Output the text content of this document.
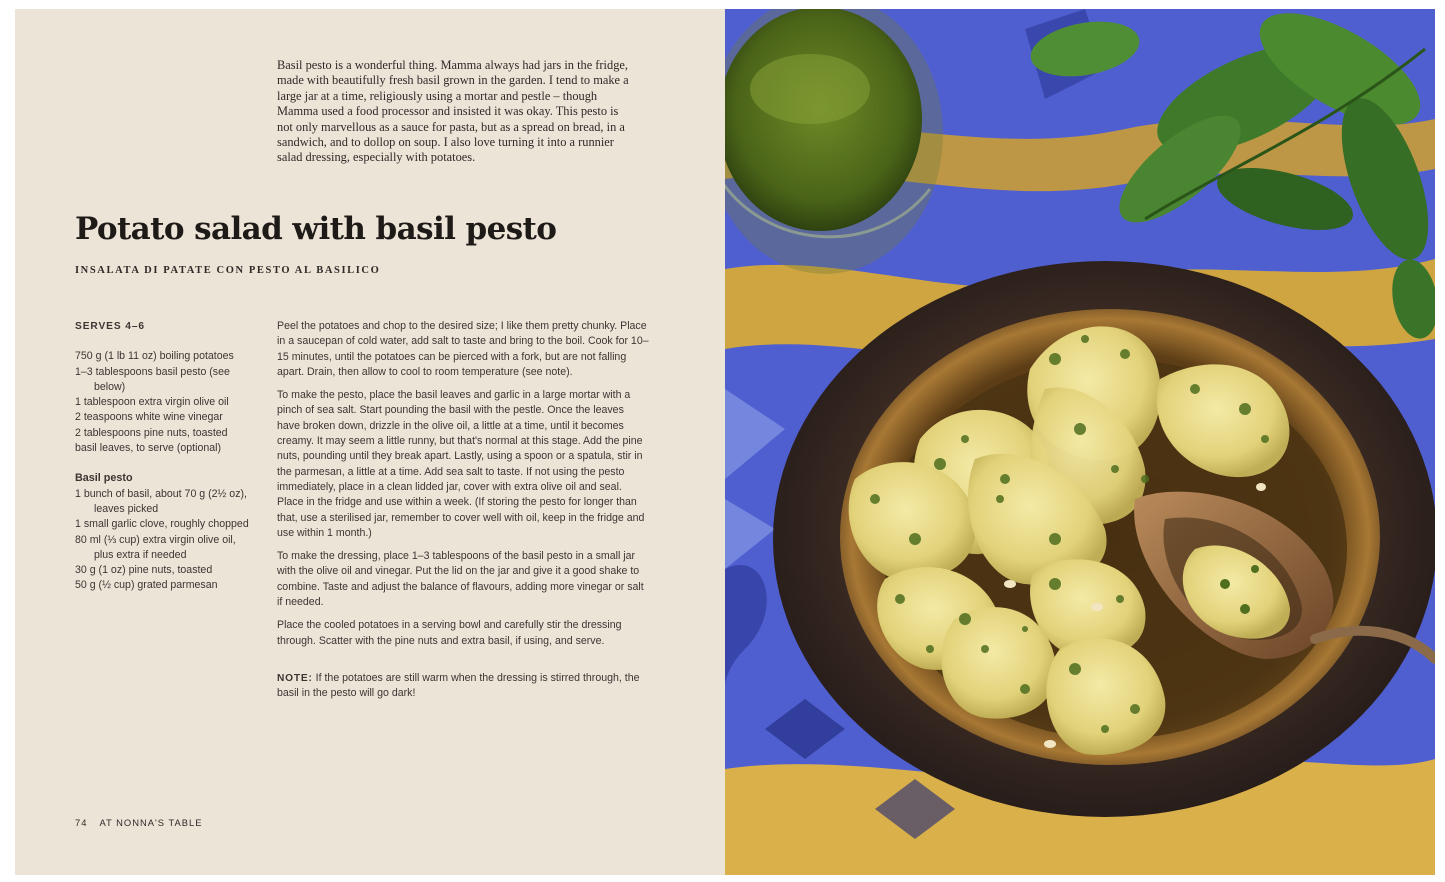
Basil pesto is a wonderful thing. Mamma always had jars in the fridge, made with beautifully fresh basil grown in the garden. I tend to make a large jar at a time, religiously using a mortar and pestle – though Mamma used a food processor and insisted it was okay. This pesto is not only marvellous as a sauce for pasta, but as a spread on bread, in a sandwich, and to dollop on soup. I also love turning it into a runnier salad dressing, especially with potatoes.

Potato salad with basil pesto
INSALATA DI PATATE CON PESTO AL BASILICO

SERVES 4–6

750 g (1 lb 11 oz) boiling potatoes
1–3 tablespoons basil pesto (see below)
1 tablespoon extra virgin olive oil
2 teaspoons white wine vinegar
2 tablespoons pine nuts, toasted
basil leaves, to serve (optional)

Basil pesto

1 bunch of basil, about 70 g (2½ oz), leaves picked
1 small garlic clove, roughly chopped
80 ml (⅓ cup) extra virgin olive oil, plus extra if needed
30 g (1 oz) pine nuts, toasted
50 g (½ cup) grated parmesan

Peel the potatoes and chop to the desired size; I like them pretty chunky. Place in a saucepan of cold water, add salt to taste and bring to the boil. Cook for 10–15 minutes, until the potatoes can be pierced with a fork, but are not falling apart. Drain, then allow to cool to room temperature (see note).

To make the pesto, place the basil leaves and garlic in a large mortar with a pinch of sea salt. Start pounding the basil with the pestle. Once the leaves have broken down, drizzle in the olive oil, a little at a time, until it becomes creamy. It may seem a little runny, but that's normal at this stage. Add the pine nuts, pounding until they break apart. Lastly, using a spoon or a spatula, stir in the parmesan, a little at a time. Add sea salt to taste. If not using the pesto immediately, place in a clean lidded jar, cover with extra olive oil and seal. Place in the fridge and use within a week. (If storing the pesto for longer than that, use a sterilised jar, remember to cover well with oil, keep in the fridge and use within 1 month.)

To make the dressing, place 1–3 tablespoons of the basil pesto in a small jar with the olive oil and vinegar. Put the lid on the jar and give it a good shake to combine. Taste and adjust the balance of flavours, adding more vinegar or salt if needed.

Place the cooled potatoes in a serving bowl and carefully stir the dressing through. Scatter with the pine nuts and extra basil, if using, and serve.

NOTE: If the potatoes are still warm when the dressing is stirred through, the basil in the pesto will go dark!

74 AT NONNA'S TABLE
